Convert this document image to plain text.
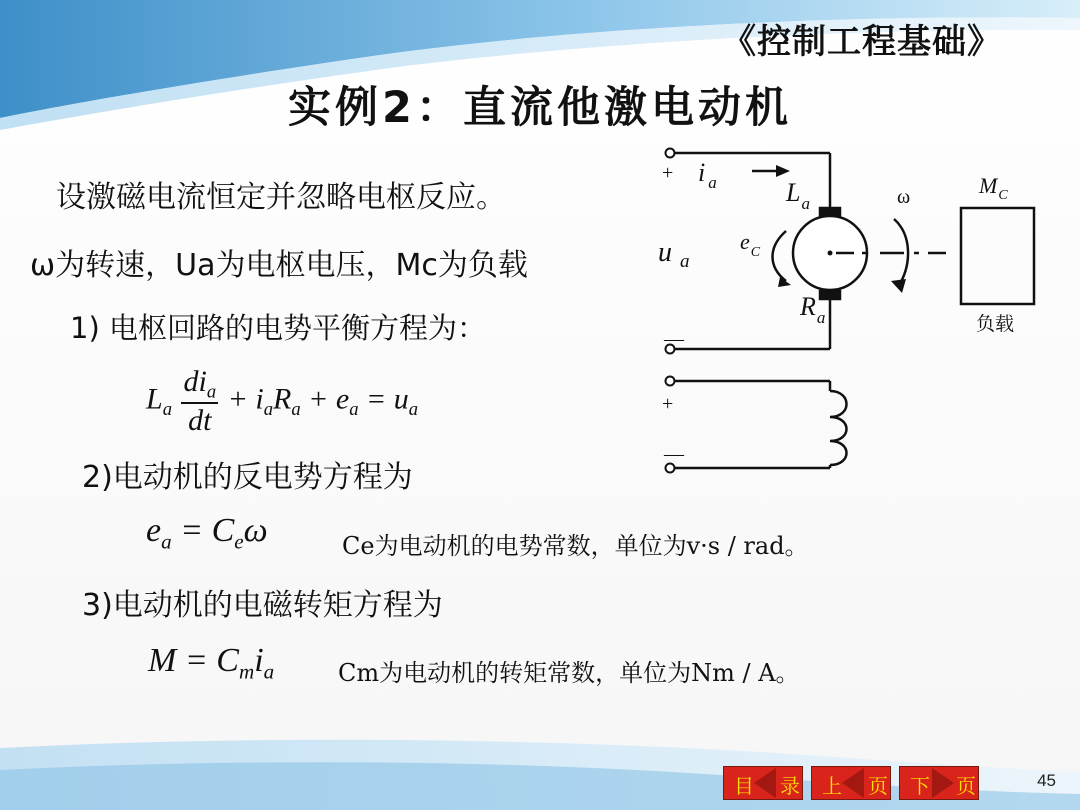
《控制工程基础》
实例2：直流他激电动机
设激磁电流恒定并忽略电枢反应。
ω为转速，Ua为电枢电压，Mc为负载
1) 电枢回路的电势平衡方程为：
$L_a \frac{di_a}{dt} + i_aR_a + e_a = u_a$
2)电动机的反电势方程为
$e_a = C_e\omega$	Ce为电动机的电势常数，单位为v·s / rad。
3)电动机的电磁转矩方程为
$M = C_mi_a$	Cm为电动机的转矩常数，单位为Nm / A。
+
—
+
—
i $_a$	$L_a$
$R_a$
u $_a$
$e_C$
ω	$M_C$
负载
目 录 上 页 下 页	45
